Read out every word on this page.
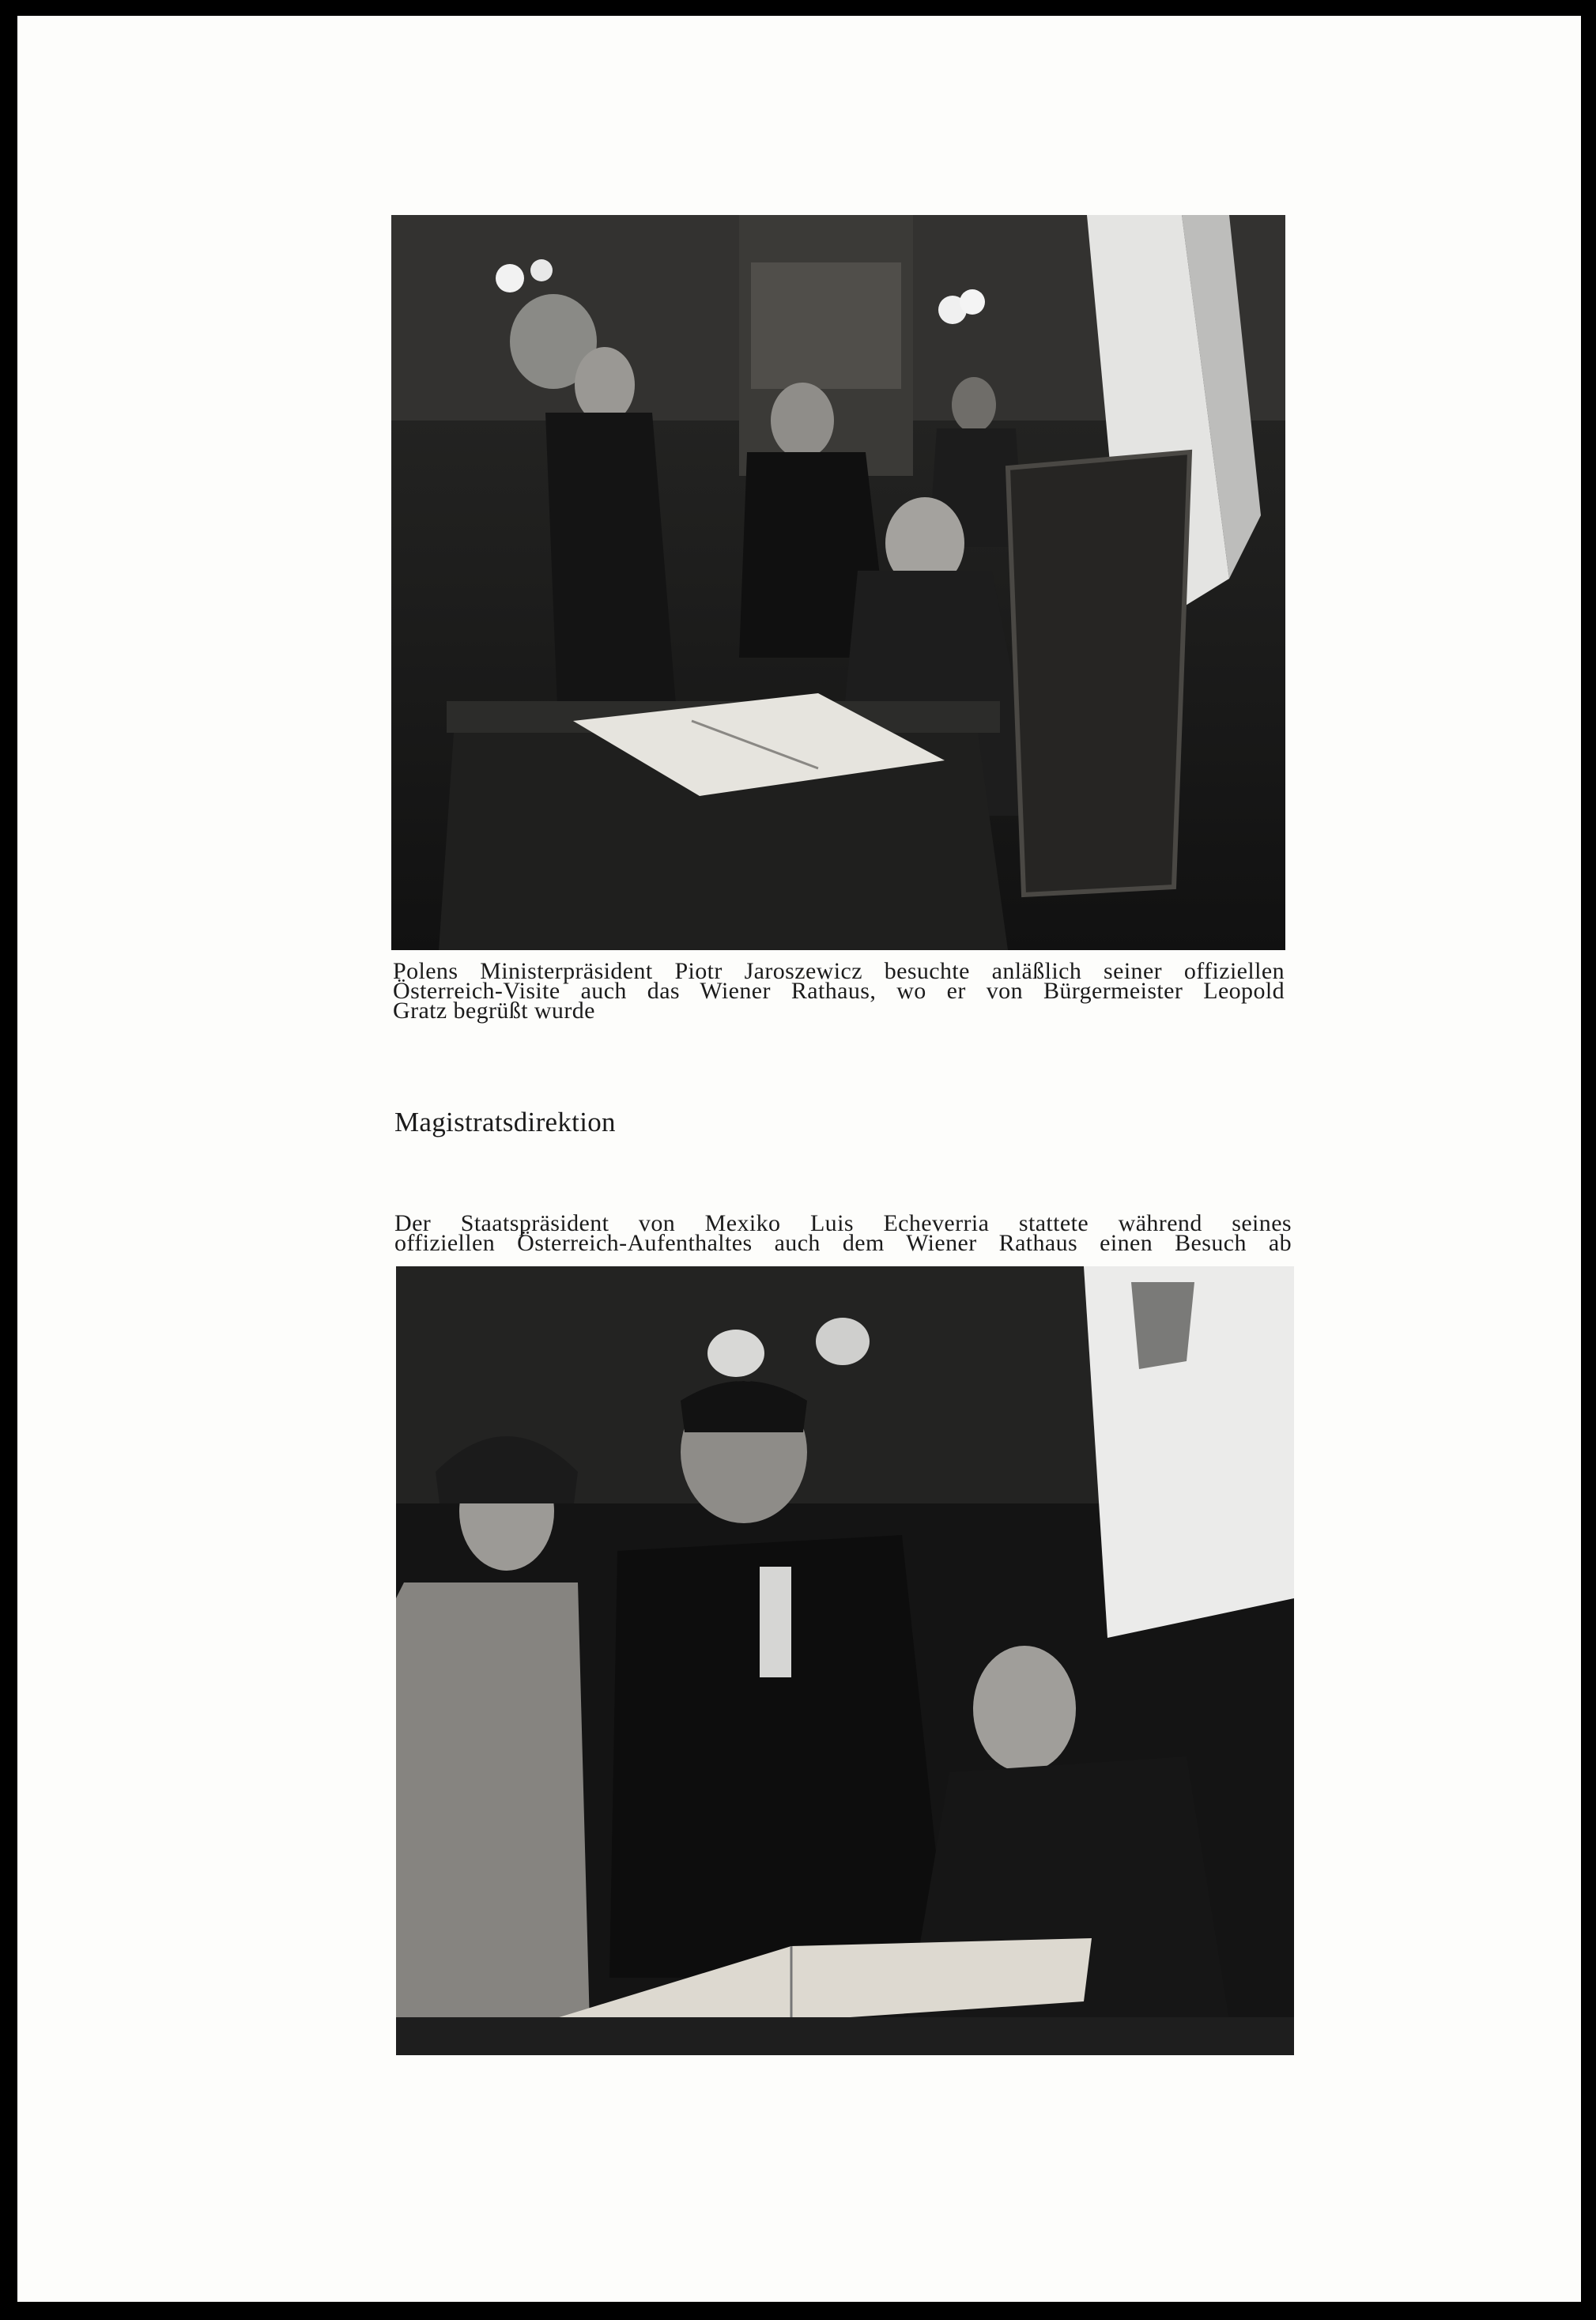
Polens Ministerpräsident Piotr Jaroszewicz besuchte anläßlich seiner offiziellen
Österreich-Visite auch das Wiener Rathaus, wo er von Bürgermeister Leopold
Gratz begrüßt wurde
Magistratsdirektion
Der Staatspräsident von Mexiko Luis Echeverria stattete während seines
offiziellen Österreich-Aufenthaltes auch dem Wiener Rathaus einen Besuch ab
